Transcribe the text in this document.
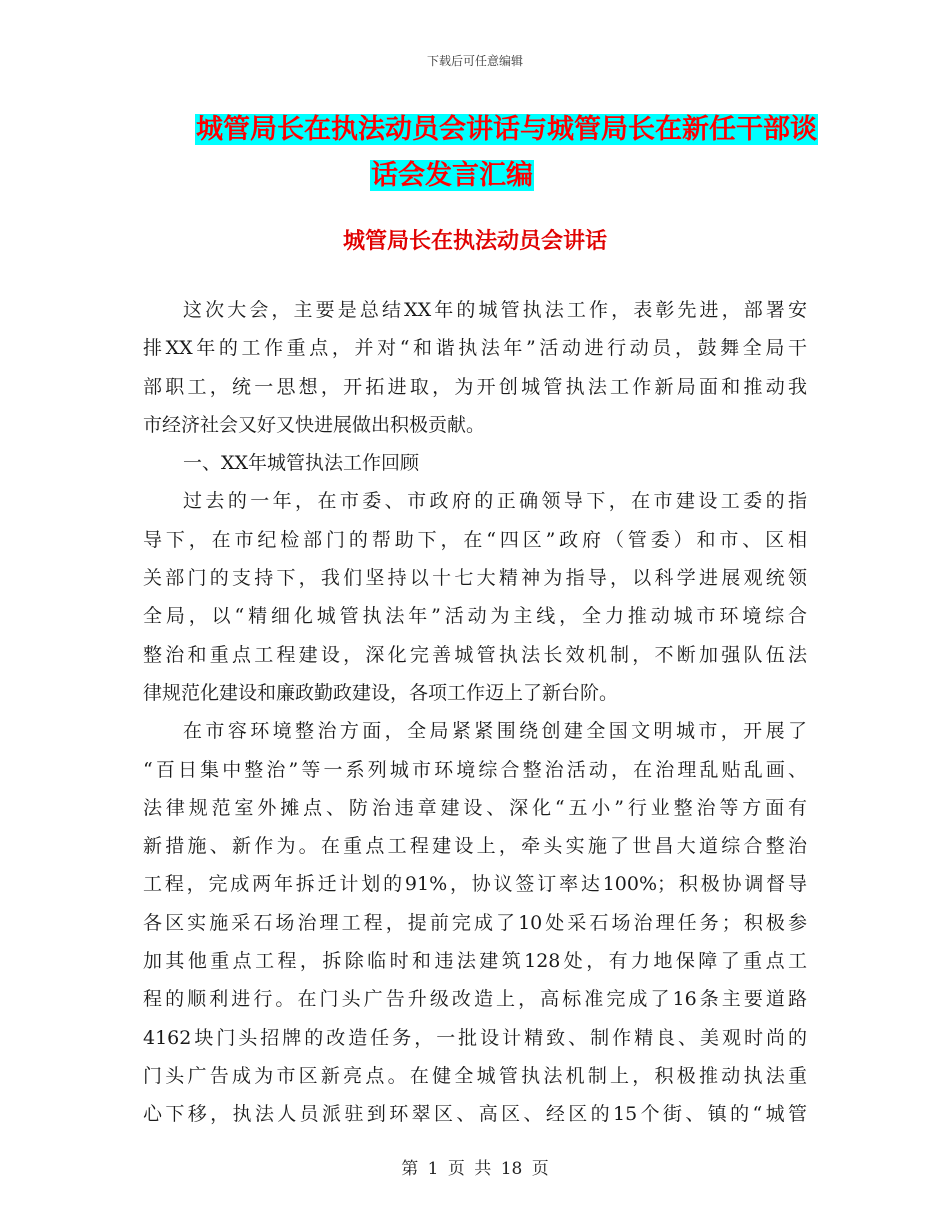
下载后可任意编辑
城管局长在执法动员会讲话与城管局长在新任干部谈
话会发言汇编
城管局长在执法动员会讲话
这次大会，主要是总结XX年的城管执法工作，表彰先进，部署安
排XX年的工作重点，并对“和谐执法年”活动进行动员，鼓舞全局干
部职工，统一思想，开拓进取，为开创城管执法工作新局面和推动我
市经济社会又好又快进展做出积极贡献。
一、XX年城管执法工作回顾
过去的一年，在市委、市政府的正确领导下，在市建设工委的指
导下，在市纪检部门的帮助下，在“四区”政府（管委）和市、区相
关部门的支持下，我们坚持以十七大精神为指导，以科学进展观统领
全局，以“精细化城管执法年”活动为主线，全力推动城市环境综合
整治和重点工程建设，深化完善城管执法长效机制，不断加强队伍法
律规范化建设和廉政勤政建设，各项工作迈上了新台阶。
在市容环境整治方面，全局紧紧围绕创建全国文明城市，开展了
“百日集中整治”等一系列城市环境综合整治活动，在治理乱贴乱画、
法律规范室外摊点、防治违章建设、深化“五小”行业整治等方面有
新措施、新作为。在重点工程建设上，牵头实施了世昌大道综合整治
工程，完成两年拆迁计划的91%，协议签订率达100%；积极协调督导
各区实施采石场治理工程，提前完成了10处采石场治理任务；积极参
加其他重点工程，拆除临时和违法建筑128处，有力地保障了重点工
程的顺利进行。在门头广告升级改造上，高标准完成了16条主要道路
4162块门头招牌的改造任务，一批设计精致、制作精良、美观时尚的
门头广告成为市区新亮点。在健全城管执法机制上，积极推动执法重
心下移，执法人员派驻到环翠区、高区、经区的15个街、镇的“城管
第 1 页 共 18 页
